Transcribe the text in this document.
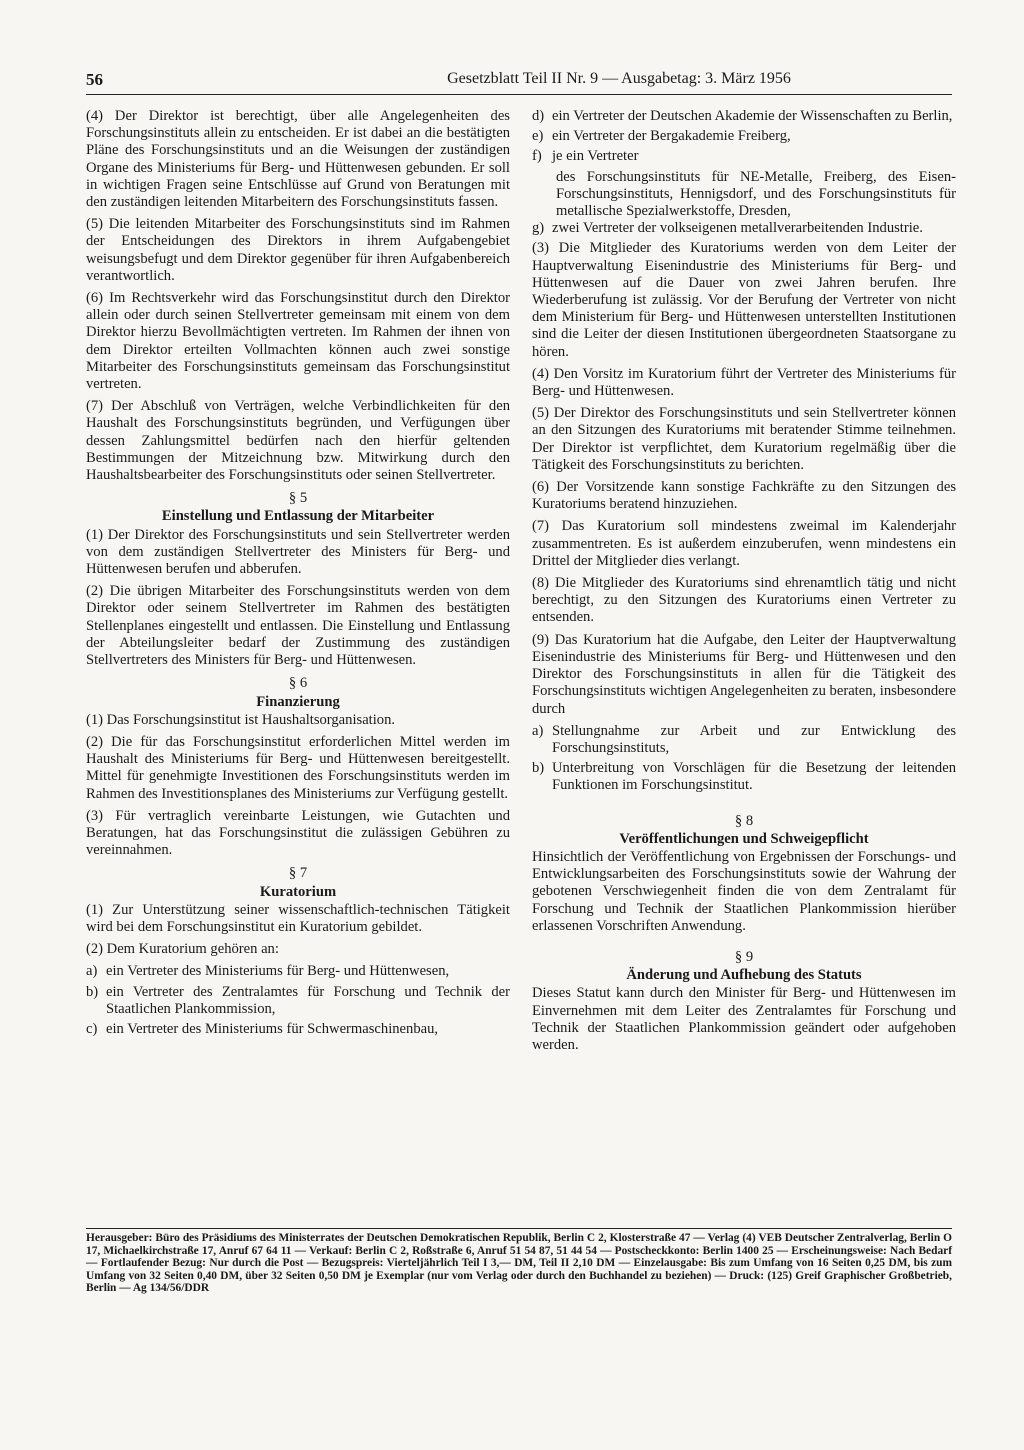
56	Gesetzblatt Teil II Nr. 9 — Ausgabetag: 3. März 1956

(4) Der Direktor ist berechtigt, über alle Angelegenheiten des Forschungsinstituts allein zu entscheiden. Er ist dabei an die bestätigten Pläne des Forschungsinstituts und an die Weisungen der zuständigen Organe des Ministeriums für Berg- und Hüttenwesen gebunden. Er soll in wichtigen Fragen seine Entschlüsse auf Grund von Beratungen mit den zuständigen leitenden Mitarbeitern des Forschungsinstituts fassen.

(5) Die leitenden Mitarbeiter des Forschungsinstituts sind im Rahmen der Entscheidungen des Direktors in ihrem Aufgabengebiet weisungsbefugt und dem Direktor gegenüber für ihren Aufgabenbereich verantwortlich.

(6) Im Rechtsverkehr wird das Forschungsinstitut durch den Direktor allein oder durch seinen Stellvertreter gemeinsam mit einem von dem Direktor hierzu Bevollmächtigten vertreten. Im Rahmen der ihnen von dem Direktor erteilten Vollmachten können auch zwei sonstige Mitarbeiter des Forschungsinstituts gemeinsam das Forschungsinstitut vertreten.

(7) Der Abschluß von Verträgen, welche Verbindlichkeiten für den Haushalt des Forschungsinstituts begründen, und Verfügungen über dessen Zahlungsmittel bedürfen nach den hierfür geltenden Bestimmungen der Mitzeichnung bzw. Mitwirkung durch den Haushaltsbearbeiter des Forschungsinstituts oder seinen Stellvertreter.

§ 5
Einstellung und Entlassung der Mitarbeiter

(1) Der Direktor des Forschungsinstituts und sein Stellvertreter werden von dem zuständigen Stellvertreter des Ministers für Berg- und Hüttenwesen berufen und abberufen.

(2) Die übrigen Mitarbeiter des Forschungsinstituts werden von dem Direktor oder seinem Stellvertreter im Rahmen des bestätigten Stellenplanes eingestellt und entlassen. Die Einstellung und Entlassung der Abteilungsleiter bedarf der Zustimmung des zuständigen Stellvertreters des Ministers für Berg- und Hüttenwesen.

§ 6
Finanzierung

(1) Das Forschungsinstitut ist Haushaltsorganisation.

(2) Die für das Forschungsinstitut erforderlichen Mittel werden im Haushalt des Ministeriums für Berg- und Hüttenwesen bereitgestellt. Mittel für genehmigte Investitionen des Forschungsinstituts werden im Rahmen des Investitionsplanes des Ministeriums zur Verfügung gestellt.

(3) Für vertraglich vereinbarte Leistungen, wie Gutachten und Beratungen, hat das Forschungsinstitut die zulässigen Gebühren zu vereinnahmen.

§ 7
Kuratorium

(1) Zur Unterstützung seiner wissenschaftlich-technischen Tätigkeit wird bei dem Forschungsinstitut ein Kuratorium gebildet.

(2) Dem Kuratorium gehören an:

a) ein Vertreter des Ministeriums für Berg- und Hüttenwesen,
b) ein Vertreter des Zentralamtes für Forschung und Technik der Staatlichen Plankommission,
c) ein Vertreter des Ministeriums für Schwermaschinenbau,
d) ein Vertreter der Deutschen Akademie der Wissenschaften zu Berlin,
e) ein Vertreter der Bergakademie Freiberg,
f) je ein Vertreter

des Forschungsinstituts für NE-Metalle, Freiberg, des Eisen-Forschungsinstituts, Hennigsdorf, und des Forschungsinstituts für metallische Spezialwerkstoffe, Dresden,

g) zwei Vertreter der volkseigenen metallverarbeitenden Industrie.

(3) Die Mitglieder des Kuratoriums werden von dem Leiter der Hauptverwaltung Eisenindustrie des Ministeriums für Berg- und Hüttenwesen auf die Dauer von zwei Jahren berufen. Ihre Wiederberufung ist zulässig. Vor der Berufung der Vertreter von nicht dem Ministerium für Berg- und Hüttenwesen unterstellten Institutionen sind die Leiter der diesen Institutionen übergeordneten Staatsorgane zu hören.

(4) Den Vorsitz im Kuratorium führt der Vertreter des Ministeriums für Berg- und Hüttenwesen.

(5) Der Direktor des Forschungsinstituts und sein Stellvertreter können an den Sitzungen des Kuratoriums mit beratender Stimme teilnehmen. Der Direktor ist verpflichtet, dem Kuratorium regelmäßig über die Tätigkeit des Forschungsinstituts zu berichten.

(6) Der Vorsitzende kann sonstige Fachkräfte zu den Sitzungen des Kuratoriums beratend hinzuziehen.

(7) Das Kuratorium soll mindestens zweimal im Kalenderjahr zusammentreten. Es ist außerdem einzuberufen, wenn mindestens ein Drittel der Mitglieder dies verlangt.

(8) Die Mitglieder des Kuratoriums sind ehrenamtlich tätig und nicht berechtigt, zu den Sitzungen des Kuratoriums einen Vertreter zu entsenden.

(9) Das Kuratorium hat die Aufgabe, den Leiter der Hauptverwaltung Eisenindustrie des Ministeriums für Berg- und Hüttenwesen und den Direktor des Forschungsinstituts in allen für die Tätigkeit des Forschungsinstituts wichtigen Angelegenheiten zu beraten, insbesondere durch

a) Stellungnahme zur Arbeit und zur Entwicklung des Forschungsinstituts,
b) Unterbreitung von Vorschlägen für die Besetzung der leitenden Funktionen im Forschungsinstitut.
§ 8
Veröffentlichungen und Schweigepflicht

Hinsichtlich der Veröffentlichung von Ergebnissen der Forschungs- und Entwicklungsarbeiten des Forschungsinstituts sowie der Wahrung der gebotenen Verschwiegenheit finden die von dem Zentralamt für Forschung und Technik der Staatlichen Plankommission hierüber erlassenen Vorschriften Anwendung.

§ 9
Änderung und Aufhebung des Statuts

Dieses Statut kann durch den Minister für Berg- und Hüttenwesen im Einvernehmen mit dem Leiter des Zentralamtes für Forschung und Technik der Staatlichen Plankommission geändert oder aufgehoben werden.

Herausgeber: Büro des Präsidiums des Ministerrates der Deutschen Demokratischen Republik, Berlin C 2, Klosterstraße 47 — Verlag (4) VEB Deutscher Zentralverlag, Berlin O 17, Michaelkirchstraße 17, Anruf 67 64 11 — Verkauf: Berlin C 2, Roßstraße 6, Anruf 51 54 87, 51 44 54 — Postscheckkonto: Berlin 1400 25 — Erscheinungsweise: Nach Bedarf — Fortlaufender Bezug: Nur durch die Post — Bezugspreis: Vierteljährlich Teil I 3,— DM, Teil II 2,10 DM — Einzelausgabe: Bis zum Umfang von 16 Seiten 0,25 DM, bis zum Umfang von 32 Seiten 0,40 DM, über 32 Seiten 0,50 DM je Exemplar (nur vom Verlag oder durch den Buchhandel zu beziehen) — Druck: (125) Greif Graphischer Großbetrieb, Berlin — Ag 134/56/DDR
